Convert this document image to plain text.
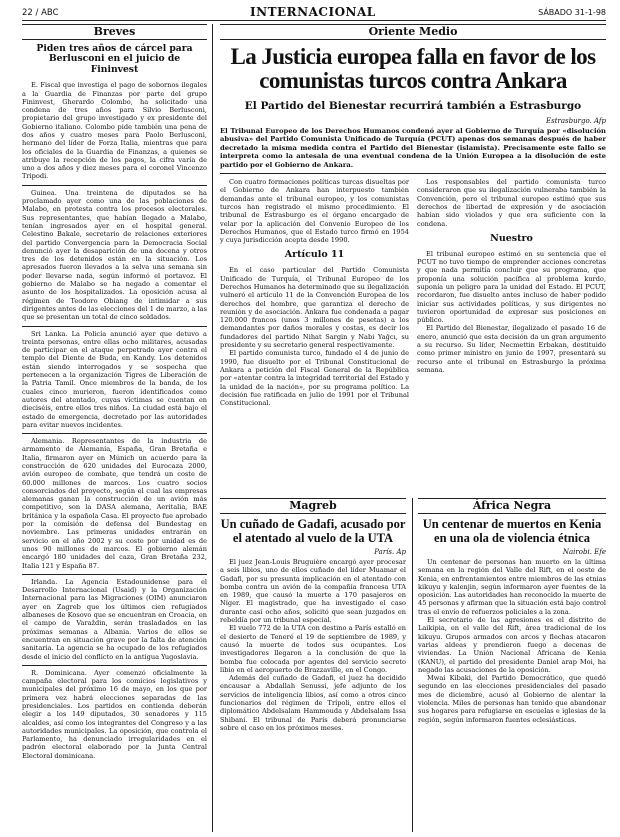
22 / ABC	INTERNACIONAL	SÁBADO 31-1-98
Breves
Piden tres años de cárcel para Berlusconi en el juicio de Fininvest
E. Fiscal que investiga el pago de sobornos ilegales a la Guardia de Finanzas por parte del grupo Fininvest, Gherardo Colombo, ha solicitado una condena de tres años para Silvio Berlusconi, propietario del grupo investigado y ex presidente del Gobierno italiano. Colombo pide también una pena de dos años y cuatro meses para Paolo Berlusconi, hermano del líder de Forza Italia, mientras que para los oficiales de la Guardia de Finanzas, a quienes se atribuye la recepción de los pagos, la cifra varía de uno a dos años y diez meses para el coronel Vincenzo Tripodi.
Guinea. Una treintena de diputados se ha proclamado ayer como una de las poblaciones de Malabo, en protesta contra los procesos electorales. Sus representantes, que habían llegado a Malabo, tenían ingresados ayer en el hospital general. Celestino Bakale, secretario de relaciones exteriores del partido Convergencia para la Democracia Social denunció ayer la desaparición de una docena y otros tres de los detenidos están en la situación. Los apresados fueron llevados a la selva una semana sin poder llevarse nada, según informó el portavoz. El gobierno de Malabo se ha negado a comentar el asunto de los hospitalizados. La oposición acusa al régimen de Teodoro Obiang de intimidar a sus dirigentes antes de las elecciones del 1 de marzo, a las que se presentan un total de cinco soldados.
Sri Lanka. La Policía anunció ayer que detuvo a treinta personas, entre ellas ocho militares, acusadas de participar en el ataque perpetrado ayer contra el templo del Diente de Buda, en Kandy. Los detenidos están siendo interrogados y se sospecha que pertenecen a la organización Tigres de Liberación de la Patria Tamil. Once miembros de la banda, de los cuales cinco murieron, fueron identificados como autores del atentado, cuyas víctimas se cuentan en dieciséis, entre ellos tres niños. La ciudad está bajo el estado de emergencia, decretado por las autoridades para evitar nuevos incidentes.
Alemania. Representantes de la industria de armamento de Alemania, España, Gran Bretaña e Italia, firmaron ayer en Múnich un acuerdo para la construcción de 620 unidades del Eurocaza 2000, avión europeo de combate, que tendrá un coste de 60.000 millones de marcos. Los cuatro socios consorciados del proyecto, según el cual las empresas alemanas ganan la construcción de un avión más competitivo, son la DASA alemana, Aeritalia, BAE británica y la española Casa. El proyecto fue aprobado por la comisión de defensa del Bundestag en noviembre. Las primeras unidades entrarán en servicio en el año 2002 y su coste por unidad es de unos 90 millones de marcos. El gobierno alemán encargó 180 unidades del caza, Gran Bretaña 232, Italia 121 y España 87.
Irlanda. La Agencia Estadounidense para el Desarrollo Internacional (Usaid) y la Organización Internacional para las Migraciones (OIM) anunciaron ayer en Zagreb que los últimos cien refugiados albaneses de Kosovo que se encuentran en Croacia, en el campo de Varaždin, serán trasladados en las próximas semanas a Albania. Varios de ellos se encuentran en situación grave por la falta de atención sanitaria. La agencia se ha ocupado de los refugiados desde el inicio del conflicto en la antigua Yugoslavia.
R. Dominicana. Ayer comenzó oficialmente la campaña electoral para los comicios legislativos y municipales del próximo 16 de mayo, en los que por primera vez habrá elecciones separadas de las presidenciales. Los partidos en contienda deberán elegir a los 149 diputados, 30 senadores y 115 alcaldes, así como los integrantes del Congreso y a las autoridades municipales. La oposición, que controla el Parlamento, ha denunciado irregularidades en el padrón electoral elaborado por la Junta Central Electoral dominicana.
Oriente Medio
La Justicia europea falla en favor de los comunistas turcos contra Ankara
El Partido del Bienestar recurrirá también a Estrasburgo
Estrasburgo. Afp
El Tribunal Europeo de los Derechos Humanos condenó ayer al Gobierno de Turquía por «disolución abusiva» del Partido Comunista Unificado de Turquía (PCUT) apenas dos semanas después de haber decretado la misma medida contra el Partido del Bienestar (islamista). Precisamente este fallo se interpreta como la antesala de una eventual condena de la Unión Europea a la disolución de este partido por el Gobierno de Ankara.
Con cuatro formaciones políticas turcas disueltas por el Gobierno de Ankara han interpuesto también demandas ante el tribunal europeo, y los comunistas turcos han registrado el mismo procedimiento. El tribunal de Estrasburgo es el órgano encargado de velar por la aplicación del Convenio Europeo de los Derechos Humanos, que el Estado turco firmó en 1954 y cuya jurisdicción acepta desde 1990.
Artículo 11
En el caso particular del Partido Comunista Unificado de Turquía, el Tribunal Europeo de los Derechos Humanos ha determinado que su ilegalización vulneró el artículo 11 de la Convención Europea de los derechos del hombre, que garantiza el derecho de reunión y de asociación. Ankara fue condenada a pagar 120.000 francos (unos 3 millones de pesetas) a los demandantes por daños morales y costas, es decir los fundadores del partido Nihat Sargin y Nabi Yağcı, su presidente y su secretario general respectivamente.
El partido comunista turco, fundado el 4 de junio de 1990, fue disuelto por el Tribunal Constitucional de Ankara a petición del Fiscal General de la República por «atentar contra la integridad territorial del Estado y la unidad de la nación», por su programa político. La decisión fue ratificada en julio de 1991 por el Tribunal Constitucional.
Los responsables del partido comunista turco consideraron que su ilegalización vulneraba también la Convención, pero el tribunal europeo estimó que sus derechos de libertad de expresión y de asociación habían sido violados y que era suficiente con la condena.
Nuestro
El tribunal europeo estimó en su sentencia que el PCUT no tuvo tiempo de emprender acciones concretas y que nada permitía concluir que su programa, que proponía una solución pacífica al problema kurdo, suponía un peligro para la unidad del Estado. El PCUT, recordaron, fue disuelto antes incluso de haber podido iniciar sus actividades políticas, y sus dirigentes no tuvieron oportunidad de expresar sus posiciones en público.
El Partido del Bienestar, ilegalizado el pasado 16 de enero, anunció que esta decisión da un gran argumento a su recurso. Su líder, Necmettin Erbakan, destituido como primer ministro en junio de 1997, presentará su recurso ante el tribunal en Estrasburgo la próxima semana.
Magreb
Un cuñado de Gadafi, acusado por el atentado al vuelo de la UTA
París. Ap
El juez Jean-Louis Bruguière encargó ayer procesar a seis libios, uno de ellos cuñado del líder Muamar el Gadafi, por su presunta implicación en el atentado con bomba contra un avión de la compañía francesa UTA en 1989, que causó la muerte a 170 pasajeros en Níger. El magistrado, que ha investigado el caso durante casi ocho años, solicitó que sean juzgados en rebeldía por un tribunal especial.
El vuelo 772 de la UTA con destino a París estalló en el desierto de Teneré el 19 de septiembre de 1989, y causó la muerte de todos sus ocupantes. Los investigadores llegaron a la conclusión de que la bomba fue colocada por agentes del servicio secreto libio en el aeropuerto de Brazzaville, en el Congo.
Además del cuñado de Gadafi, el juez ha decidido encausar a Abdallah Senussi, jefe adjunto de los servicios de inteligencia libios, así como a otros cinco funcionarios del régimen de Trípoli, entre ellos el diplomático Abdelsalam Hammouda y Abdelsalam Issa Shibani. El tribunal de París deberá pronunciarse sobre el caso en los próximos meses.
África Negra
Un centenar de muertos en Kenia en una ola de violencia étnica
Nairobi. Efe
Un centenar de personas han muerto en la última semana en la región del Valle del Rift, en el oeste de Kenia, en enfrentamientos entre miembros de las etnias kikuyu y kalenjin, según informaron ayer fuentes de la oposición. Las autoridades han reconocido la muerte de 45 personas y afirman que la situación está bajo control tras el envío de refuerzos policiales a la zona.
El secretario de las agresiones es el distrito de Laikipia, en el valle del Rift, área tradicional de los kikuyu. Grupos armados con arcos y flechas atacaron varias aldeas y prendieron fuego a decenas de viviendas. La Unión Nacional Africana de Kenia (KANU), el partido del presidente Daniel arap Moi, ha negado las acusaciones de la oposición.
Mwai Kibaki, del Partido Democrático, que quedó segundo en las elecciones presidenciales del pasado mes de diciembre, acusó al Gobierno de alentar la violencia. Miles de personas han tenido que abandonar sus hogares para refugiarse en escuelas e iglesias de la región, según informaron fuentes eclesiásticas.
